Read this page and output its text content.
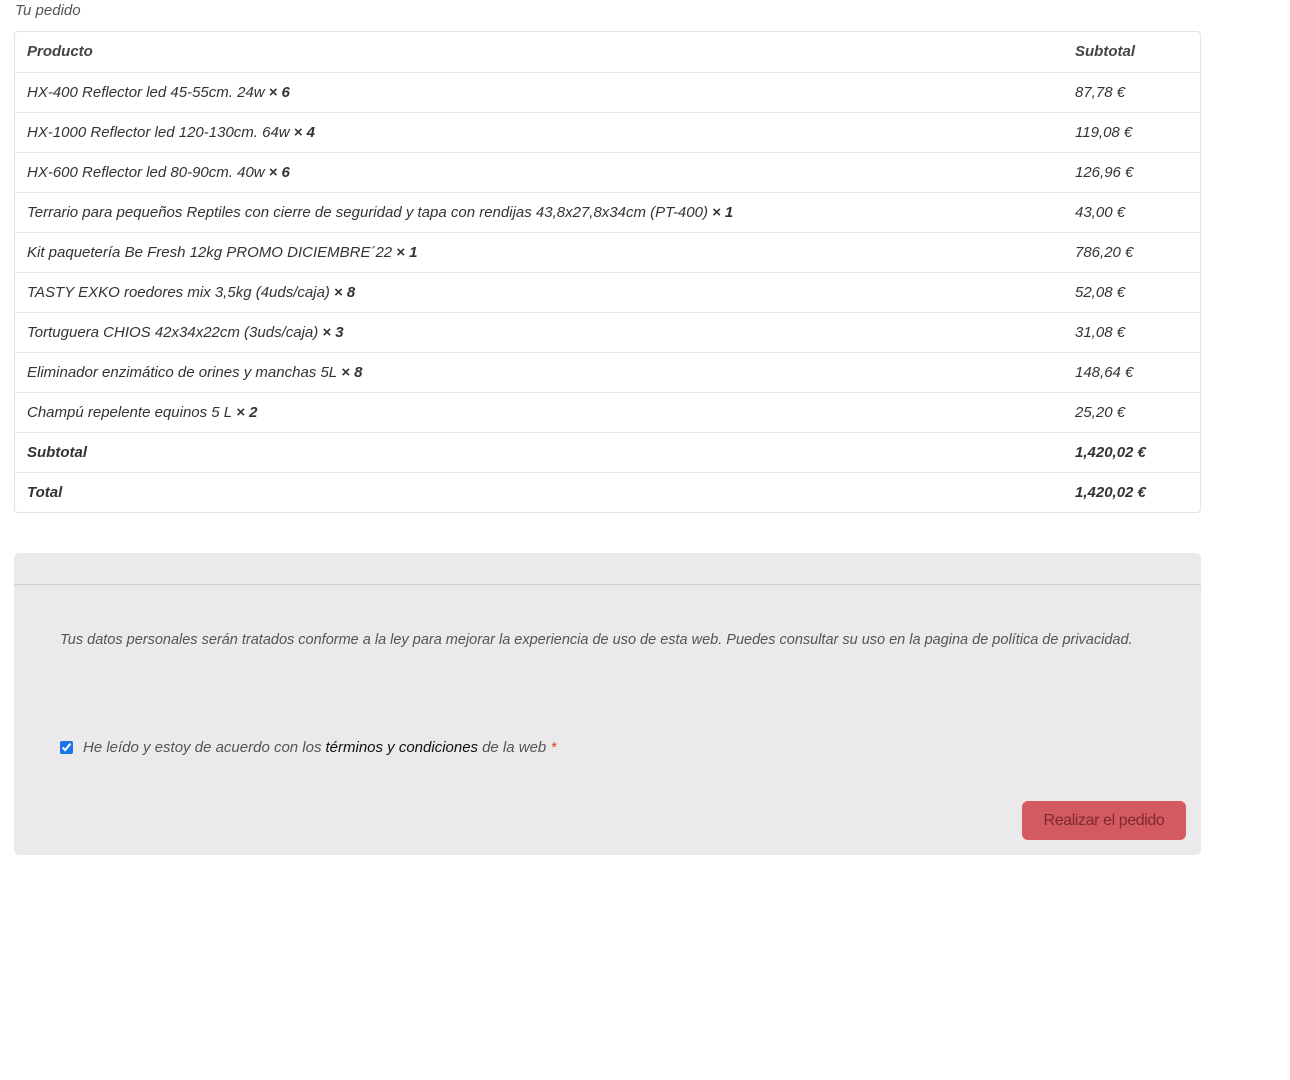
Tu pedido
Producto	Subtotal
HX-400 Reflector led 45-55cm. 24w × 6	87,78 €
HX-1000 Reflector led 120-130cm. 64w × 4	119,08 €
HX-600 Reflector led 80-90cm. 40w × 6	126,96 €
Terrario para pequeños Reptiles con cierre de seguridad y tapa con rendijas 43,8x27,8x34cm (PT-400) × 1	43,00 €
Kit paquetería Be Fresh 12kg PROMO DICIEMBRE´22 × 1	786,20 €
TASTY EXKO roedores mix 3,5kg (4uds/caja) × 8	52,08 €
Tortuguera CHIOS 42x34x22cm (3uds/caja) × 3	31,08 €
Eliminador enzimático de orines y manchas 5L × 8	148,64 €
Champú repelente equinos 5 L × 2	25,20 €
Subtotal	1,420,02 €
Total	1,420,02 €

Tus datos personales serán tratados conforme a la ley para mejorar la experiencia de uso de esta web. Puedes consultar su uso en la pagina de política de privacidad.

He leído y estoy de acuerdo con los términos y condiciones de la web *
Realizar el pedido
